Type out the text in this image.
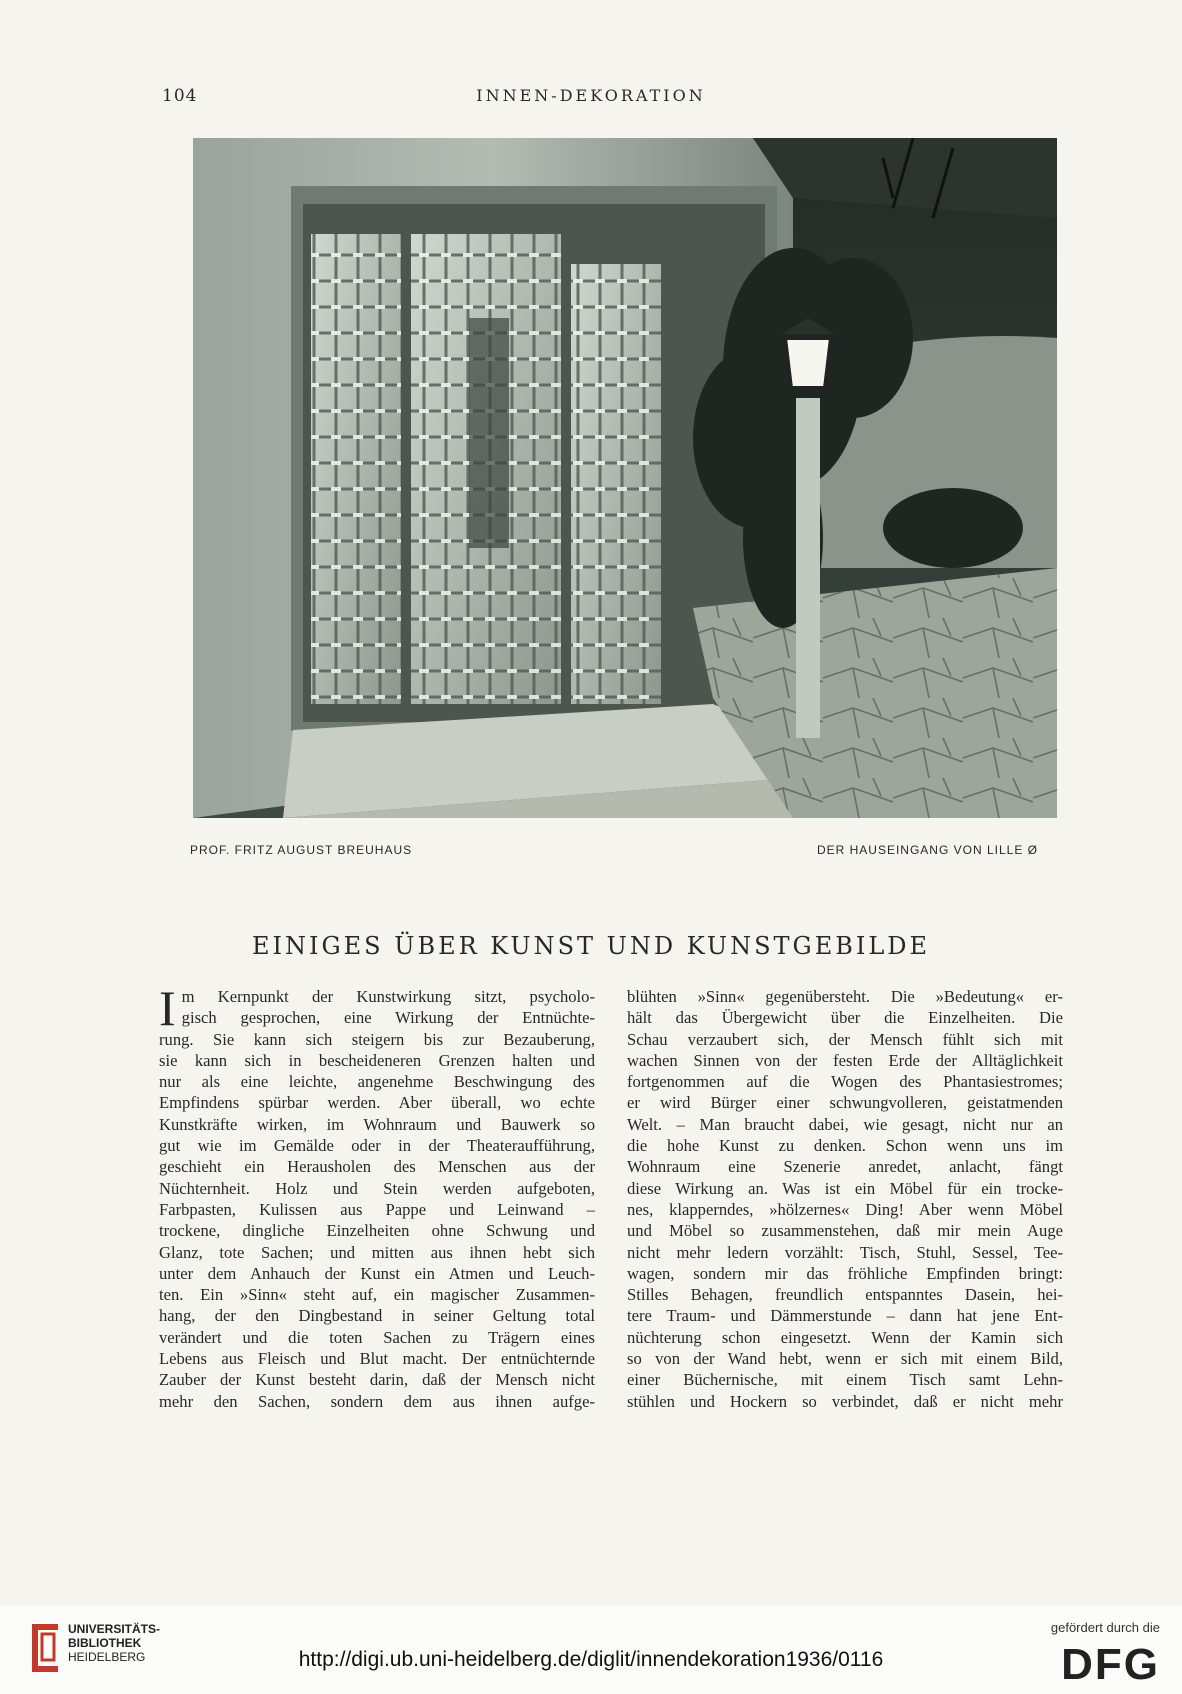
104	INNEN-DEKORATION
PROF. FRITZ AUGUST BREUHAUS	DER HAUSEINGANG VON LILLE Ø
EINIGES ÜBER KUNST UND KUNSTGEBILDE
I m Kernpunkt der Kunstwirkung sitzt, psycholo-
gisch gesprochen, eine Wirkung der Entnüchte-
rung. Sie kann sich steigern bis zur Bezauberung,
sie kann sich in bescheideneren Grenzen halten und
nur als eine leichte, angenehme Beschwingung des
Empfindens spürbar werden. Aber überall, wo echte
Kunstkräfte wirken, im Wohnraum und Bauwerk so
gut wie im Gemälde oder in der Theateraufführung,
geschieht ein Herausholen des Menschen aus der
Nüchternheit. Holz und Stein werden aufgeboten,
Farbpasten, Kulissen aus Pappe und Leinwand –
trockene, dingliche Einzelheiten ohne Schwung und
Glanz, tote Sachen; und mitten aus ihnen hebt sich
unter dem Anhauch der Kunst ein Atmen und Leuch-
ten. Ein »Sinn« steht auf, ein magischer Zusammen-
hang, der den Dingbestand in seiner Geltung total
verändert und die toten Sachen zu Trägern eines
Lebens aus Fleisch und Blut macht. Der entnüchternde
Zauber der Kunst besteht darin, daß der Mensch nicht
mehr den Sachen, sondern dem aus ihnen aufge-
blühten »Sinn« gegenübersteht. Die »Bedeutung« er-
hält das Übergewicht über die Einzelheiten. Die
Schau verzaubert sich, der Mensch fühlt sich mit
wachen Sinnen von der festen Erde der Alltäglichkeit
fortgenommen auf die Wogen des Phantasiestromes;
er wird Bürger einer schwungvolleren, geistatmenden
Welt. – Man braucht dabei, wie gesagt, nicht nur an
die hohe Kunst zu denken. Schon wenn uns im
Wohnraum eine Szenerie anredet, anlacht, fängt
diese Wirkung an. Was ist ein Möbel für ein trocke-
nes, klapperndes, »hölzernes« Ding! Aber wenn Möbel
und Möbel so zusammenstehen, daß mir mein Auge
nicht mehr ledern vorzählt: Tisch, Stuhl, Sessel, Tee-
wagen, sondern mir das fröhliche Empfinden bringt:
Stilles Behagen, freundlich entspanntes Dasein, hei-
tere Traum- und Dämmerstunde – dann hat jene Ent-
nüchterung schon eingesetzt. Wenn der Kamin sich
so von der Wand hebt, wenn er sich mit einem Bild,
einer Büchernische, mit einem Tisch samt Lehn-
stühlen und Hockern so verbindet, daß er nicht mehr
UNIVERSITÄTS-
BIBLIOTHEK
HEIDELBERG	http://digi.ub.uni-heidelberg.de/diglit/innendekoration1936/0116
gefördert durch die
DFG
